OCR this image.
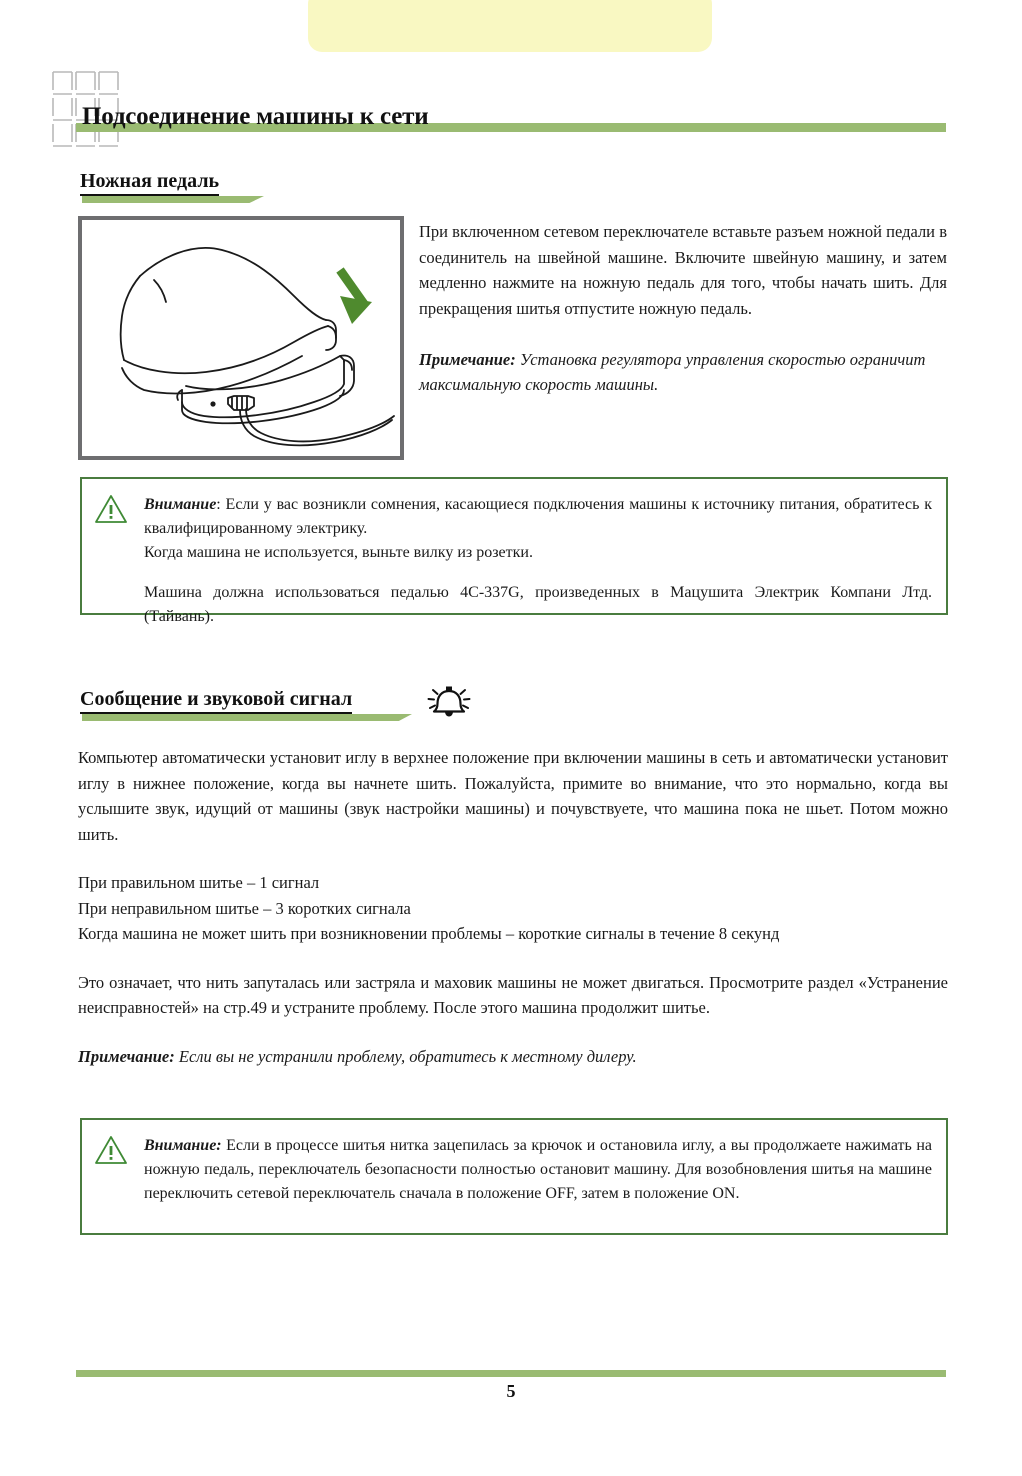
Подсоединение машины к сети
Ножная педаль

При включенном сетевом переключателе вставьте разъем ножной педали в соединитель на швейной машине. Включите швейную машину, и затем медленно нажмите на ножную педаль для того, чтобы начать шить. Для прекращения шитья отпустите ножную педаль.

Примечание: Установка регулятора управления скоростью ограничит максимальную скорость машины.

Внимание: Если у вас возникли сомнения, касающиеся подключения машины к источнику питания, обратитесь к квалифицированному электрику.

Когда машина не используется, выньте вилку из розетки.

Машина должна использоваться педалью 4C-337G, произведенных в Мацушита Электрик Компани Лтд. (Тайвань).

Сообщение и звуковой сигнал

Компьютер автоматически установит иглу в верхнее положение при включении машины в сеть и автоматически установит иглу в нижнее положение, когда вы начнете шить. Пожалуйста, примите во внимание, что это нормально, когда вы услышите звук, идущий от машины (звук настройки машины) и почувствуете, что машина пока не шьет. Потом можно шить.

При правильном шитье – 1 сигнал

При неправильном шитье – 3 коротких сигнала

Когда машина не может шить при возникновении проблемы – короткие сигналы в течение 8 секунд

Это означает, что нить запуталась или застряла и маховик машины не может двигаться. Просмотрите раздел «Устранение неисправностей» на стр.49 и устраните проблему. После этого машина продолжит шитье.

Примечание: Если вы не устранили проблему, обратитесь к местному дилеру.

Внимание: Если в процессе шитья нитка зацепилась за крючок и остановила иглу, а вы продолжаете нажимать на ножную педаль, переключатель безопасности полностью остановит машину. Для возобновления шитья на машине переключить сетевой переключатель сначала в положение OFF, затем в положение ON.

5
